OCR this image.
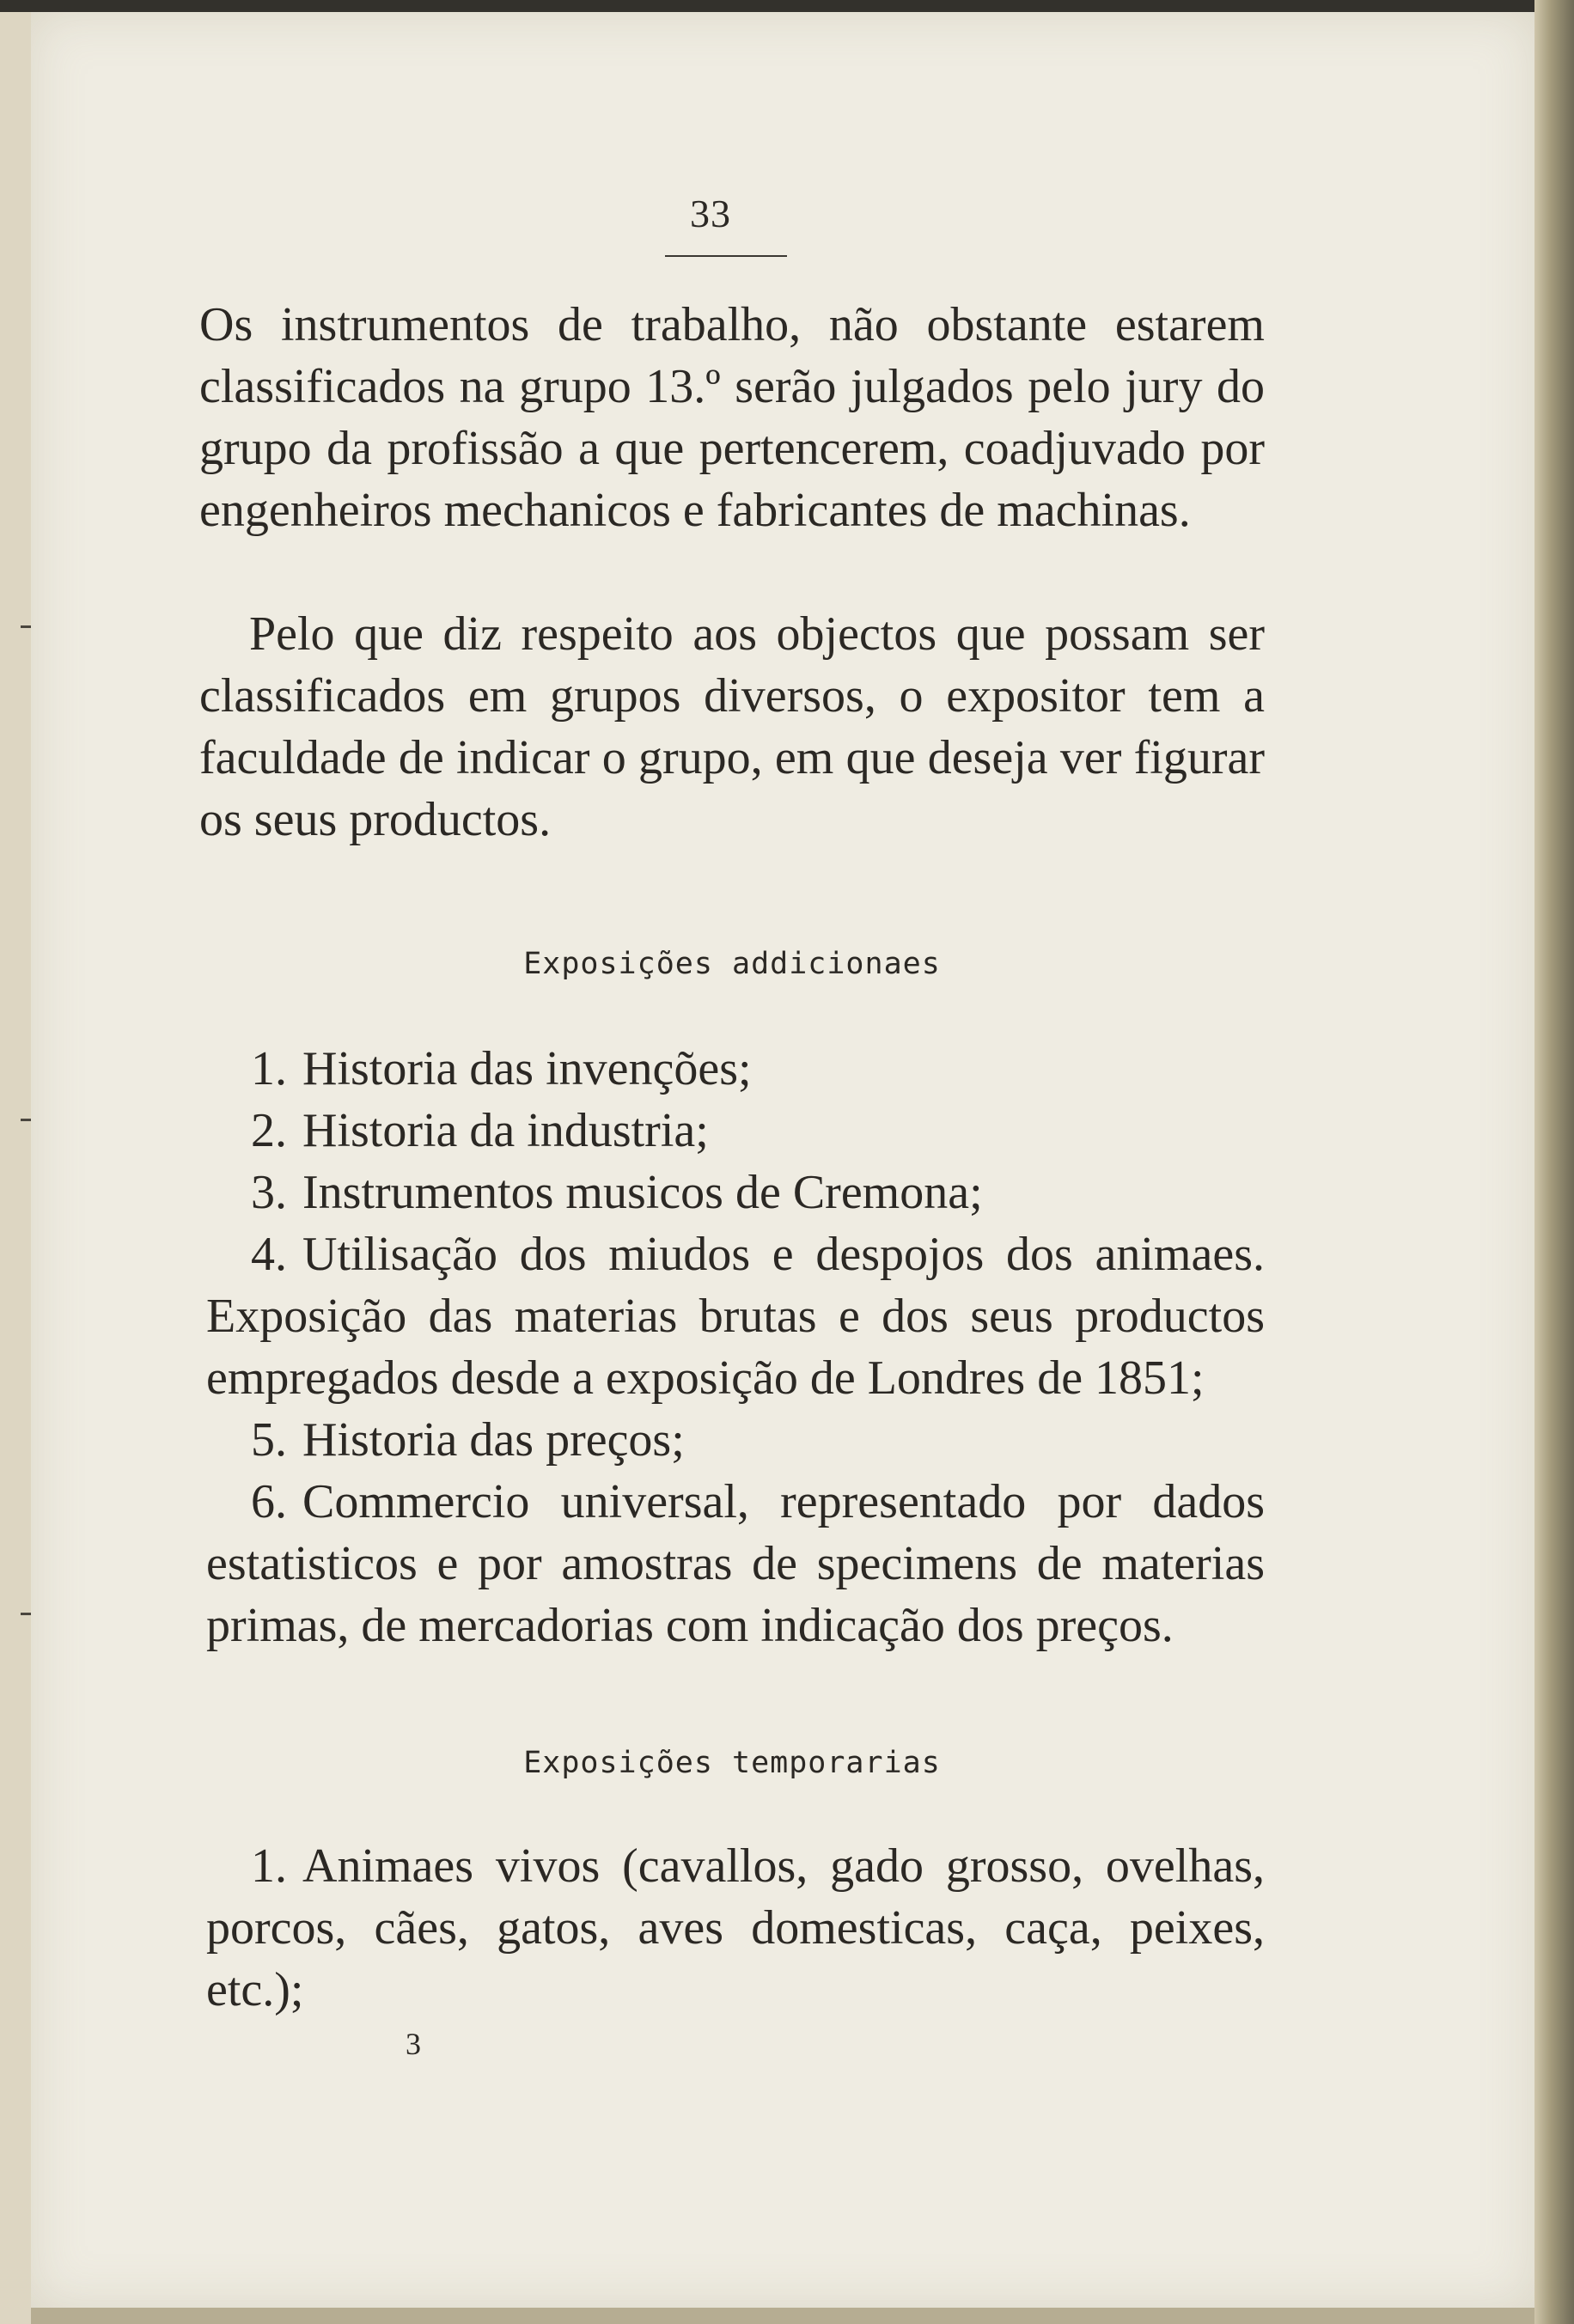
33

Os instrumentos de trabalho, não obstante estarem classificados na grupo 13.º serão julgados pelo jury do grupo da profissão a que pertencerem, coadjuvado por engenheiros mechanicos e fabricantes de machinas.

Pelo que diz respeito aos objectos que possam ser classificados em grupos diversos, o expositor tem a faculdade de indicar o grupo, em que deseja ver figurar os seus productos.

Exposições addicionaes
1. Historia das invenções;
2. Historia da industria;
3. Instrumentos musicos de Cremona;
4. Utilisação dos miudos e despojos dos animaes. Exposição das materias brutas e dos seus productos empregados desde a exposição de Londres de 1851;
5. Historia das preços;
6. Commercio universal, representado por dados estatisticos e por amostras de specimens de materias primas, de mercadorias com indicação dos preços.
Exposições temporarias
1. Animaes vivos (cavallos, gado grosso, ovelhas, porcos, cães, gatos, aves domesticas, caça, peixes, etc.);
3
